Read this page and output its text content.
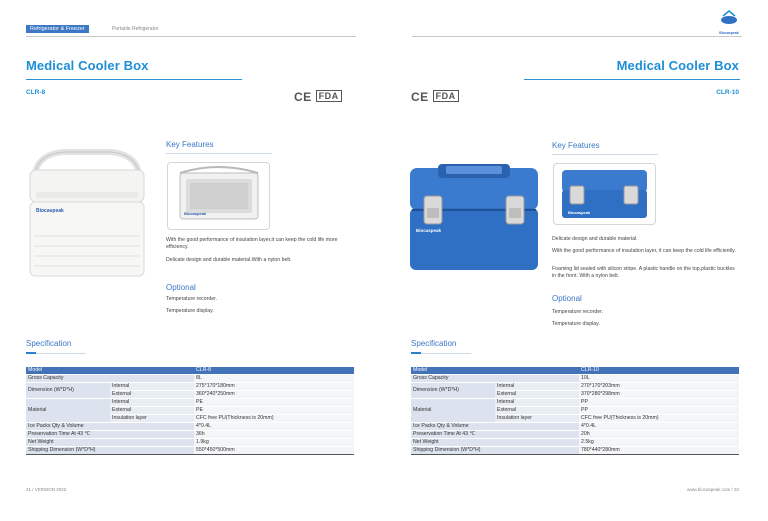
Refrigerator & Freezer	Portable Refrigerator
Medical Cooler Box
CLR-8	CE FDA
Biocaspeak
Key Features
Biocaspeak
With the good performance of insulation layer,it can keep the cold life more efficiency.
Delicate design and durable material.With a nylon belt.
Optional
Temperature recorder.
Temperature display.
Specification
Model		CLR-8
Gross Capacity		8L
Dimension (W*D*H)	Internal	275*170*180mm
	External	360*240*250mm
Material	Internal	PE
	External	PE
	Insulation layer	CFC free PU(Thickness is 20mm)
Ice Packs Qty & Volume		4*0.4L
Preservation Time At 43 ℃		36h
Net Weight		1.9kg
Shipping Dimension (W*D*H)		550*450*500mm
31 / VERSION 2022
Biocaspeak
Medical Cooler Box
CLR-10
CE FDA
Biocaspeak
Key Features
Biocaspeak
Delicate design and durable material.
With the good performance of insulation layer, it can keep the cold life efficiently.
Foaming lid sealed with silicon stripe. A plastic handle on the top,plastic buckles in the front. With a nylon belt.
Optional
Temperature recorder.
Temperature display.
Specification
Model		CLR-10
Gross Capacity		10L
Dimension (W*D*H)	Internal	270*170*203mm
	External	370*280*298mm
Material	Internal	PP
	External	PP
	Insulation layer	CFC free PU(Thickness is 20mm)
Ice Packs Qty & Volume		4*0.4L
Preservation Time At 43 ℃		20h
Net Weight		2.5kg
Shipping Dimension (W*D*H)		780*440*280mm
www.biocaspeak.com / 32
